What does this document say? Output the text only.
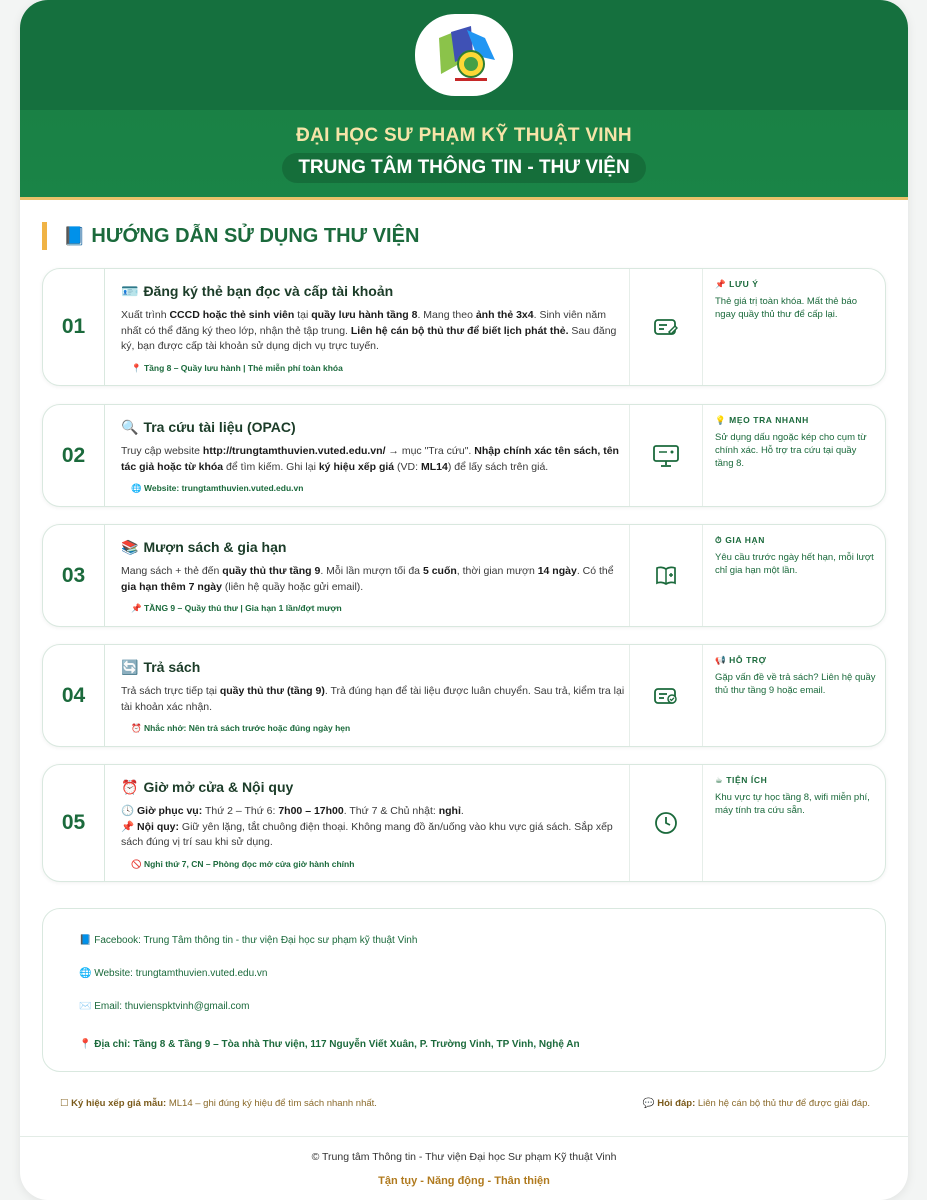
ĐẠI HỌC SƯ PHẠM KỸ THUẬT VINH
TRUNG TÂM THÔNG TIN - THƯ VIỆN
📘 HƯỚNG DẪN SỬ DỤNG THƯ VIỆN
01
🪪 Đăng ký thẻ bạn đọc và cấp tài khoản
Xuất trình CCCD hoặc thẻ sinh viên tại quầy lưu hành tầng 8. Mang theo ảnh thẻ 3x4. Sinh viên năm nhất có thể đăng ký theo lớp, nhận thẻ tập trung. Liên hệ cán bộ thủ thư để biết lịch phát thẻ. Sau đăng ký, bạn được cấp tài khoản sử dụng dịch vụ trực tuyến.
📍 Tầng 8 – Quầy lưu hành | Thẻ miễn phí toàn khóa
📌 LƯU Ý
Thẻ giá trị toàn khóa. Mất thẻ báo ngay quầy thủ thư để cấp lại.
02
🔍 Tra cứu tài liệu (OPAC)
Truy cập website http://trungtamthuvien.vuted.edu.vn/ → mục "Tra cứu". Nhập chính xác tên sách, tên tác giả hoặc từ khóa để tìm kiếm. Ghi lại ký hiệu xếp giá (VD: ML14) để lấy sách trên giá.
🌐 Website: trungtamthuvien.vuted.edu.vn
💡 MẸO TRA NHANH
Sử dụng dấu ngoặc kép cho cụm từ chính xác. Hỗ trợ tra cứu tại quầy tầng 8.
03
📚 Mượn sách & gia hạn
Mang sách + thẻ đến quầy thủ thư tầng 9. Mỗi lần mượn tối đa 5 cuốn, thời gian mượn 14 ngày. Có thể gia hạn thêm 7 ngày (liên hệ quầy hoặc gửi email).
📌 TẦNG 9 – Quầy thủ thư | Gia hạn 1 lần/đợt mượn
⏱ GIA HẠN
Yêu cầu trước ngày hết hạn, mỗi lượt chỉ gia hạn một lần.
04
🔄 Trả sách
Trả sách trực tiếp tại quầy thủ thư (tầng 9). Trả đúng hạn để tài liệu được luân chuyển. Sau trả, kiểm tra lại tài khoản xác nhận.
⏰ Nhắc nhở: Nên trả sách trước hoặc đúng ngày hẹn
📢 HỖ TRỢ
Gặp vấn đề về trả sách? Liên hệ quầy thủ thư tầng 9 hoặc email.
05
⏰ Giờ mở cửa & Nội quy
🕓 Giờ phục vụ: Thứ 2 – Thứ 6: 7h00 – 17h00. Thứ 7 & Chủ nhật: nghỉ.
📌 Nội quy: Giữ yên lặng, tắt chuông điện thoại. Không mang đồ ăn/uống vào khu vực giá sách. Sắp xếp sách đúng vị trí sau khi sử dụng.
🚫 Nghỉ thứ 7, CN – Phòng đọc mở cửa giờ hành chính
☕ TIỆN ÍCH
Khu vực tự học tầng 8, wifi miễn phí, máy tính tra cứu sẵn.
📘 Facebook: Trung Tâm thông tin - thư viện Đại học sư phạm kỹ thuật Vinh
🌐 Website: trungtamthuvien.vuted.edu.vn
✉️ Email: thuvienspktvinh@gmail.com
📍 Địa chỉ: Tầng 8 & Tầng 9 – Tòa nhà Thư viện, 117 Nguyễn Viết Xuân, P. Trường Vinh, TP Vinh, Nghệ An
☐ Ký hiệu xếp giá mẫu: ML14 – ghi đúng ký hiệu để tìm sách nhanh nhất.	💬 Hỏi đáp: Liên hệ cán bộ thủ thư để được giải đáp.
© Trung tâm Thông tin - Thư viện Đại học Sư phạm Kỹ thuật Vinh
Tận tụy - Năng động - Thân thiện
